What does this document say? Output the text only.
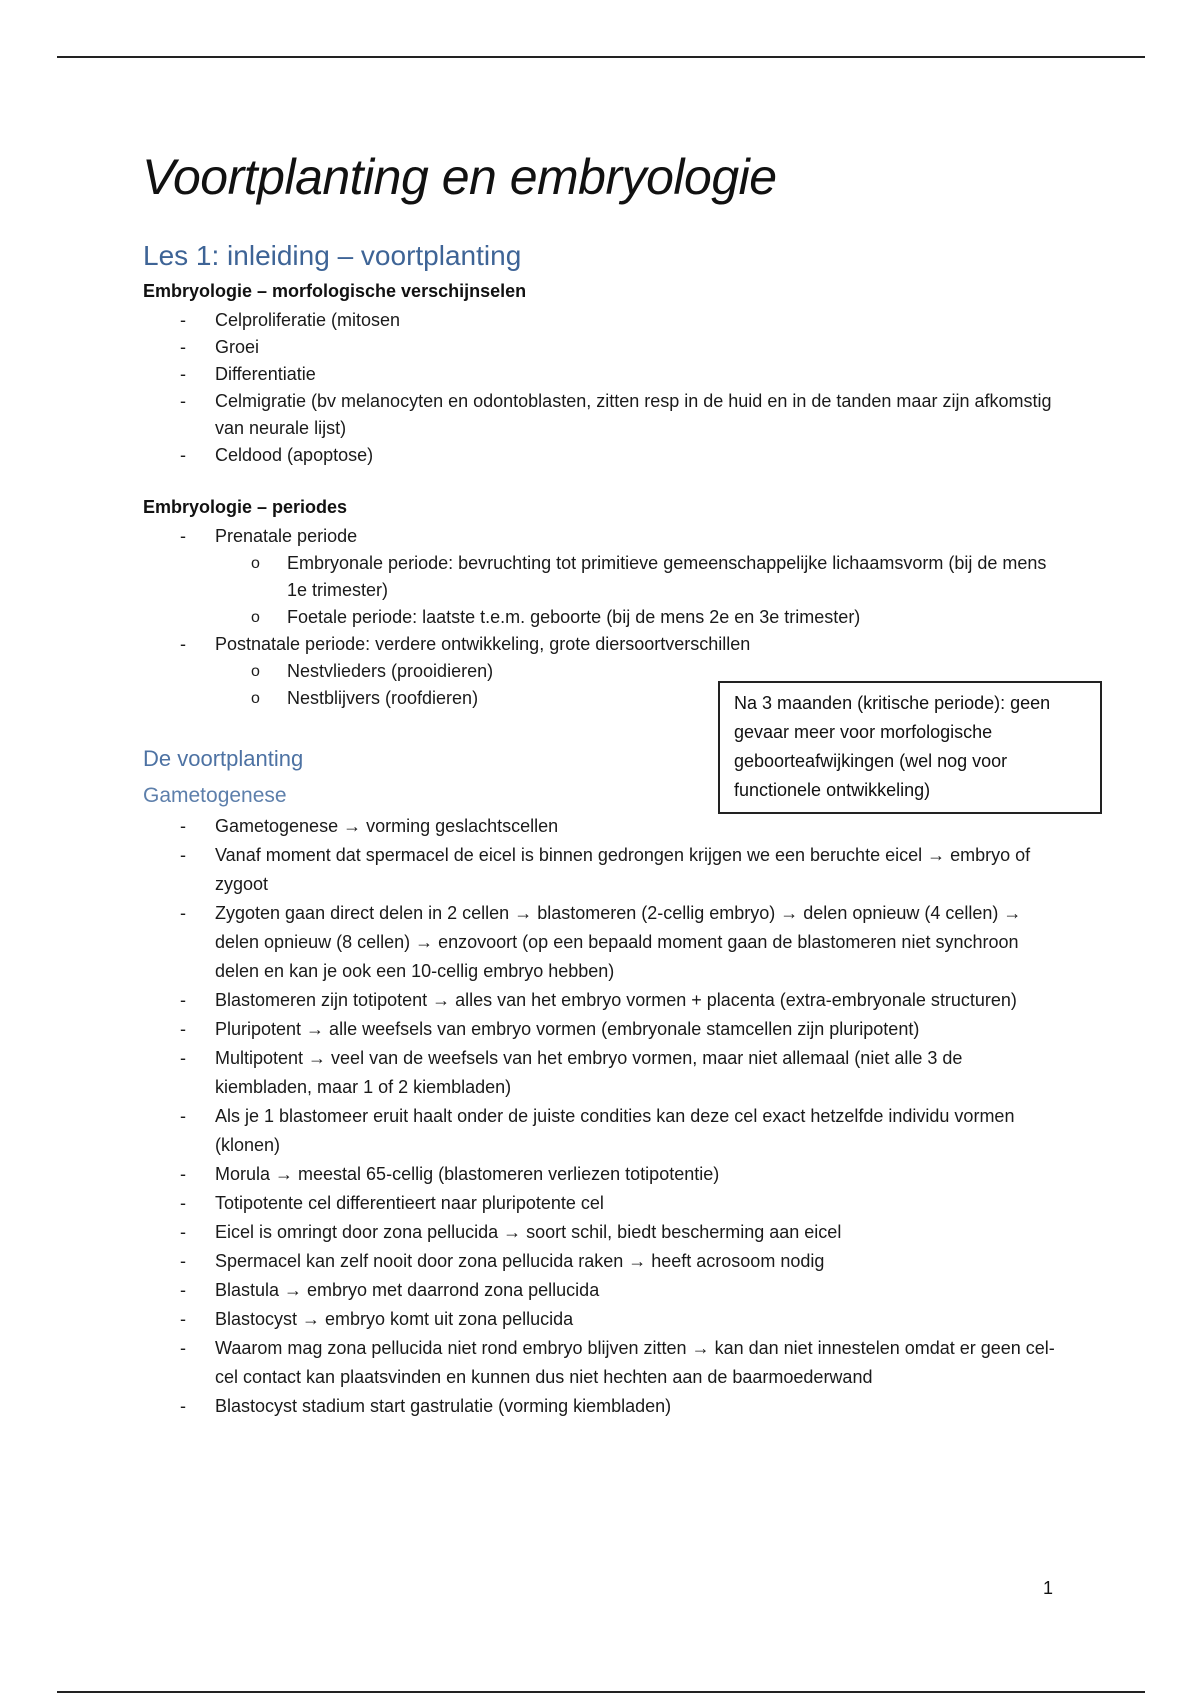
Voortplanting en embryologie
Les 1: inleiding – voortplanting
Embryologie – morfologische verschijnselen
- Celproliferatie (mitosen
- Groei
- Differentiatie
- Celmigratie (bv melanocyten en odontoblasten, zitten resp in de huid en in de tanden maar zijn afkomstig van neurale lijst)
- Celdood (apoptose)
Embryologie – periodes
- Prenatale periode
o Embryonale periode: bevruchting tot primitieve gemeenschappelijke lichaamsvorm (bij de mens 1e trimester)
o Foetale periode: laatste t.e.m. geboorte (bij de mens 2e en 3e trimester)
- Postnatale periode: verdere ontwikkeling, grote diersoortverschillen
o Nestvlieders (prooidieren)
o Nestblijvers (roofdieren)	Na 3 maanden (kritische periode): geen gevaar meer voor morfologische geboorteafwijkingen (wel nog voor functionele ontwikkeling)
De voortplanting
Gametogenese
- Gametogenese → vorming geslachtscellen
- Vanaf moment dat spermacel de eicel is binnen gedrongen krijgen we een beruchte eicel → embryo of zygoot
- Zygoten gaan direct delen in 2 cellen → blastomeren (2-cellig embryo) → delen opnieuw (4 cellen) → delen opnieuw (8 cellen) → enzovoort (op een bepaald moment gaan de blastomeren niet synchroon delen en kan je ook een 10-cellig embryo hebben)
- Blastomeren zijn totipotent → alles van het embryo vormen + placenta (extra-embryonale structuren)
- Pluripotent → alle weefsels van embryo vormen (embryonale stamcellen zijn pluripotent)
- Multipotent → veel van de weefsels van het embryo vormen, maar niet allemaal (niet alle 3 de kiembladen, maar 1 of 2 kiembladen)
- Als je 1 blastomeer eruit haalt onder de juiste condities kan deze cel exact hetzelfde individu vormen (klonen)
- Morula → meestal 65-cellig (blastomeren verliezen totipotentie)
- Totipotente cel differentieert naar pluripotente cel
- Eicel is omringt door zona pellucida → soort schil, biedt bescherming aan eicel
- Spermacel kan zelf nooit door zona pellucida raken → heeft acrosoom nodig
- Blastula → embryo met daarrond zona pellucida
- Blastocyst → embryo komt uit zona pellucida
- Waarom mag zona pellucida niet rond embryo blijven zitten → kan dan niet innestelen omdat er geen cel-cel contact kan plaatsvinden en kunnen dus niet hechten aan de baarmoederwand
- Blastocyst stadium start gastrulatie (vorming kiembladen)
1
